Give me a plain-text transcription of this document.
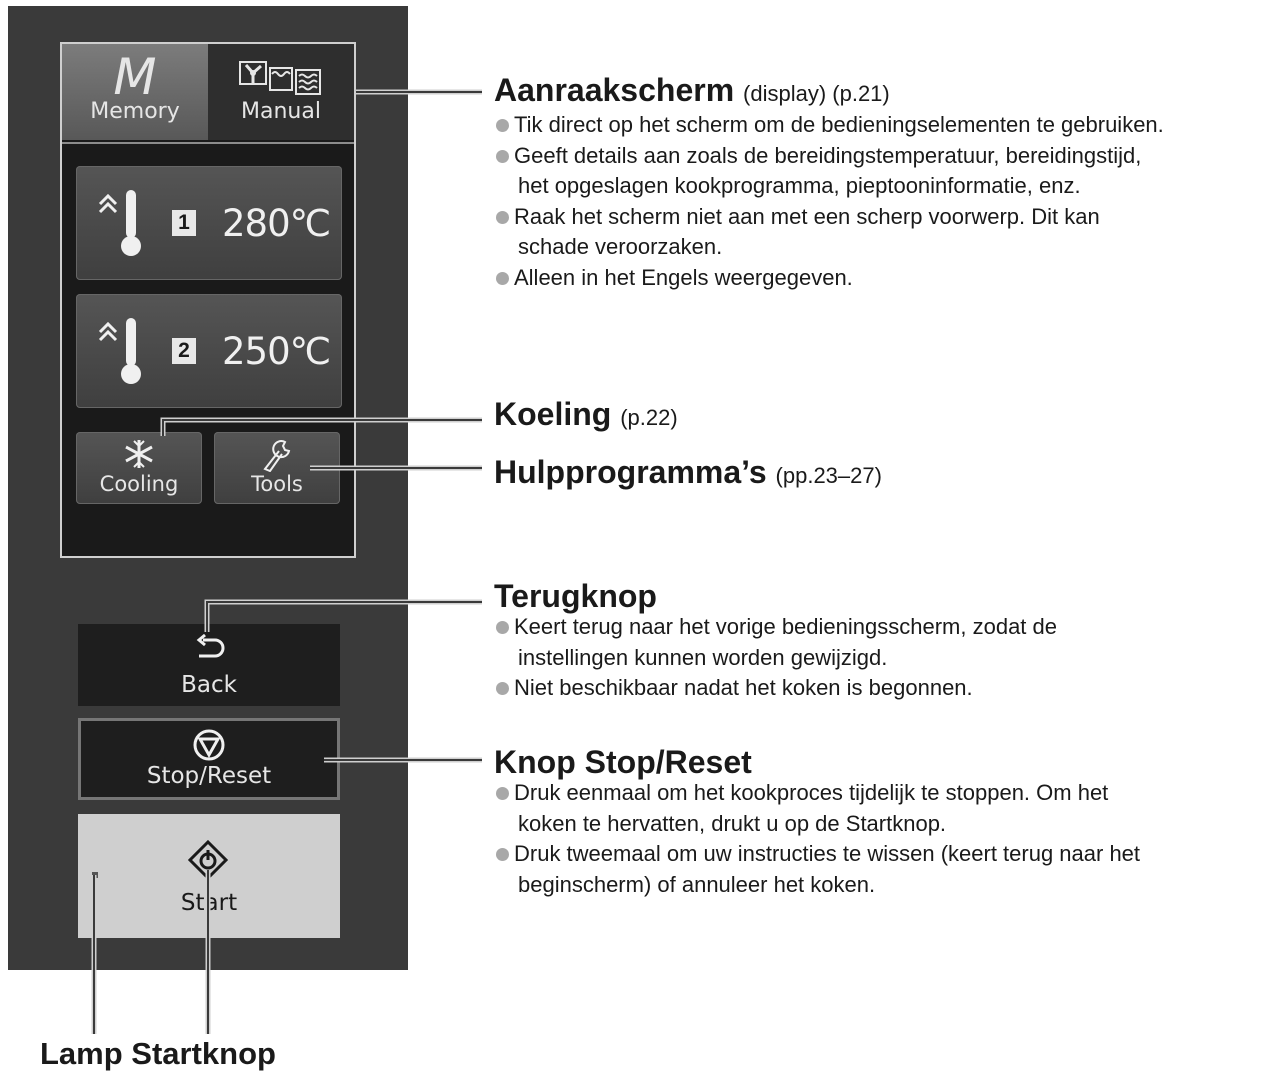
M
Memory	Manual
1 280℃
2 250℃
Cooling	Tools
Back
Stop/Reset
Start
Aanraakscherm (display) (p.21)
Tik direct op het scherm om de bedieningselementen te gebruiken.
Geeft details aan zoals de bereidingstemperatuur, bereidingstijd,
het opgeslagen kookprogramma, pieptooninformatie, enz.
Raak het scherm niet aan met een scherp voorwerp. Dit kan
schade veroorzaken.
Alleen in het Engels weergegeven.
Koeling (p.22)
Hulpprogramma’s (pp.23–27)
Terugknop
Keert terug naar het vorige bedieningsscherm, zodat de
instellingen kunnen worden gewijzigd.
Niet beschikbaar nadat het koken is begonnen.
Knop Stop/Reset
Druk eenmaal om het kookproces tijdelijk te stoppen. Om het
koken te hervatten, drukt u op de Startknop.
Druk tweemaal om uw instructies te wissen (keert terug naar het
beginscherm) of annuleer het koken.
Lamp Startknop
